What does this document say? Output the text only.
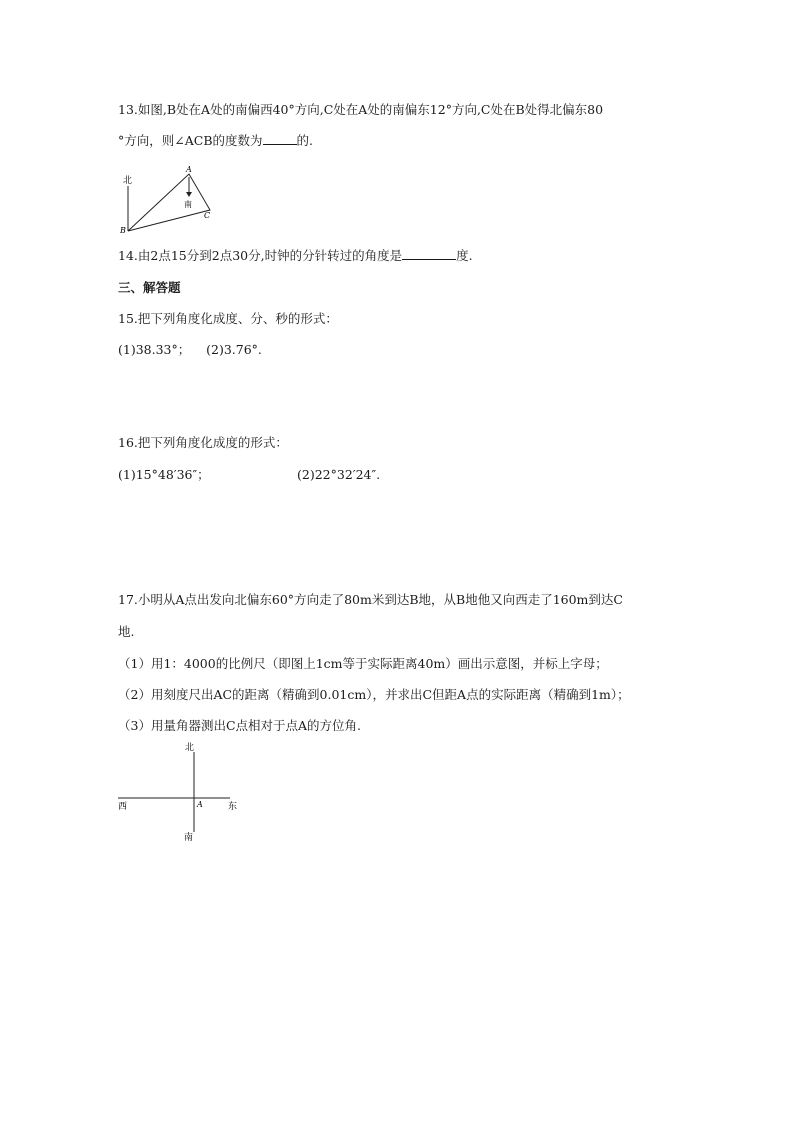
13.如图,B处在A处的南偏西40°方向,C处在A处的南偏东12°方向,C处在B处得北偏东80
°方向，则∠ACB的度数为	的.
北
南
A
B
C
14.由2点15分到2点30分,时钟的分针转过的角度是	度.
三、解答题
15.把下列角度化成度、分、秒的形式：
(1)38.33°；    (2)3.76°.
16.把下列角度化成度的形式：
(1)15°48′36″；	(2)22°32′24″.
17.小明从A点出发向北偏东60°方向走了80m米到达B地，从B地他又向西走了160m到达C
地.
（1）用1：4000的比例尺（即图上1cm等于实际距离40m）画出示意图，并标上字母；
（2）用刻度尺出AC的距离（精确到0.01cm），并求出C但距A点的实际距离（精确到1m）；
（3）用量角器测出C点相对于点A的方位角.
北
南
西	东
A
